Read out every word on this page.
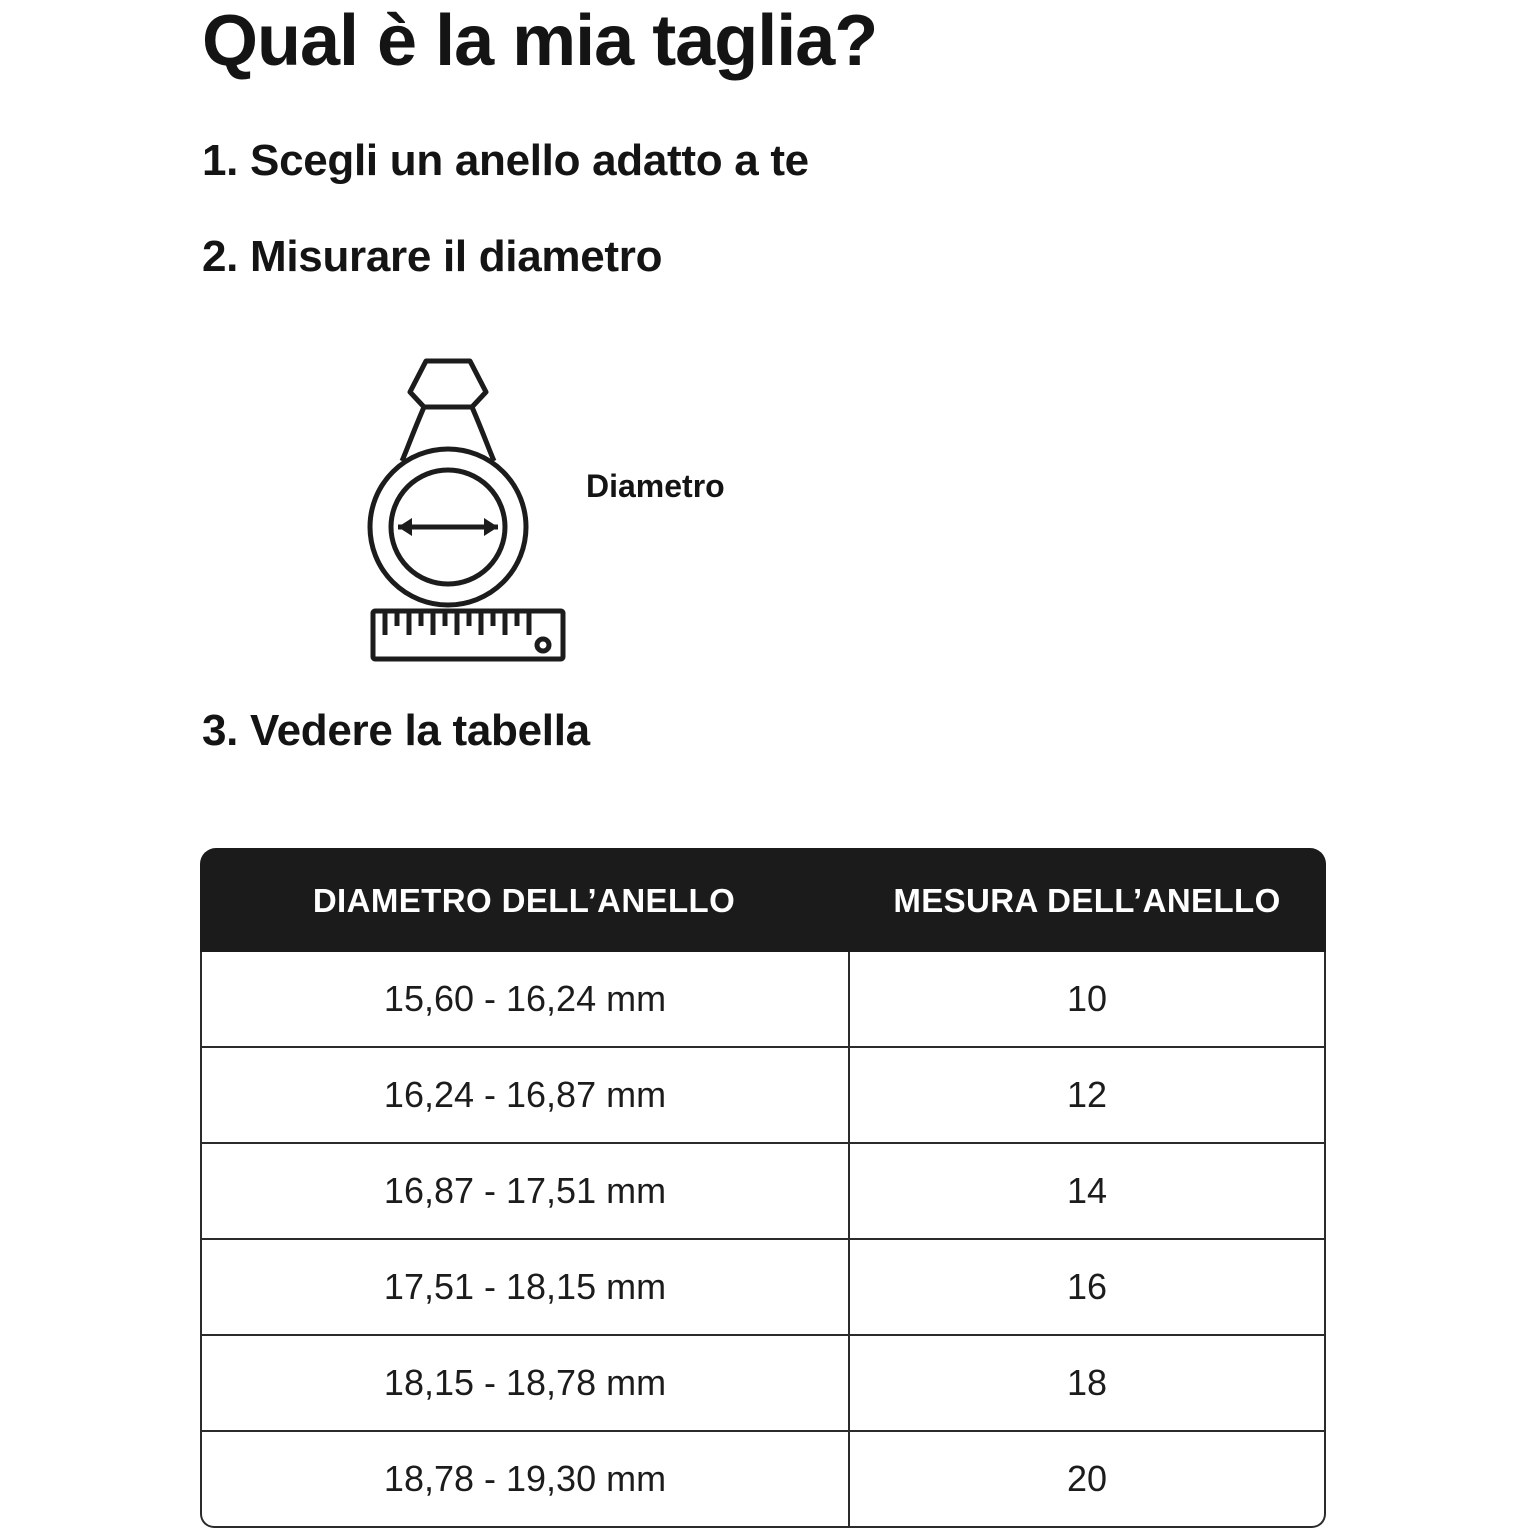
Qual è la mia taglia?
1. Scegli un anello adatto a te
2. Misurare il diametro
3. Vedere la tabella
Diametro
DIAMETRO DELL’ANELLO	MESURA DELL’ANELLO
15,60 - 16,24 mm	10
16,24 - 16,87 mm	12
16,87 - 17,51 mm	14
17,51 - 18,15 mm	16
18,15 - 18,78 mm	18
18,78 - 19,30 mm	20
